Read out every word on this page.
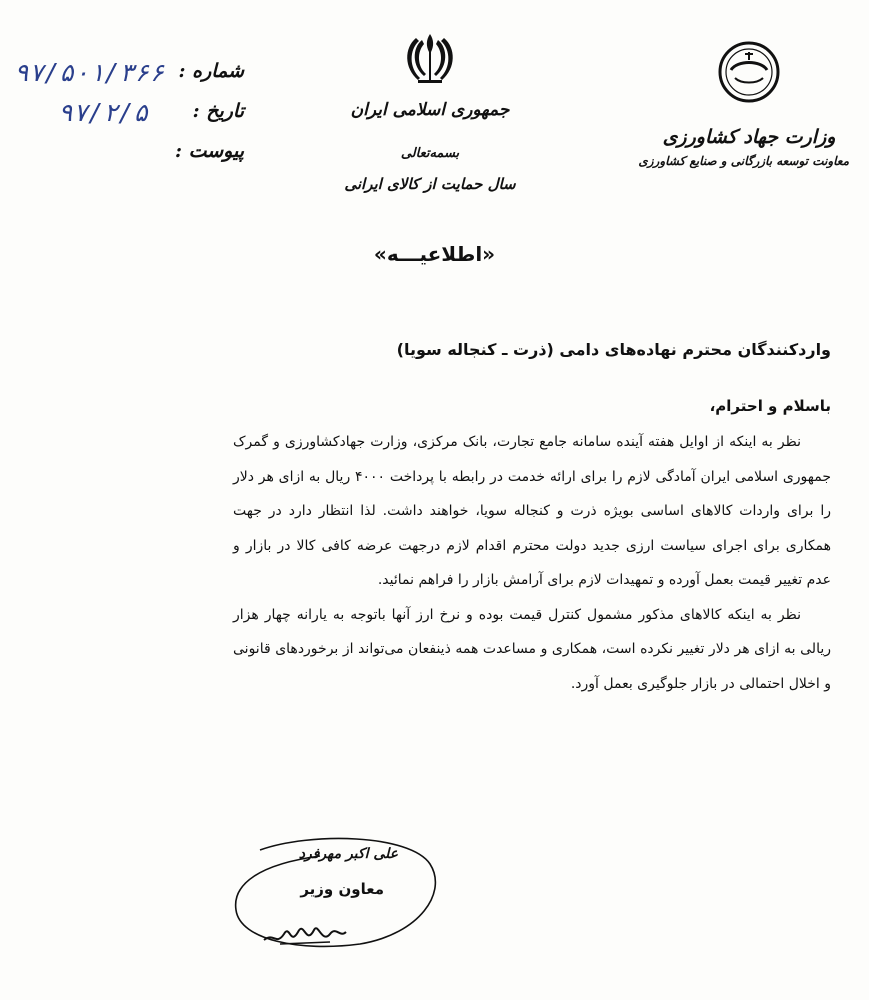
شماره :
۹۷/۵۰۱/۳۶۶
تاریخ :
۹۷/۲/۵
پیوست :
جمهوری اسلامی ایران
بسمه‌تعالی
سال حمایت از کالای ایرانی
وزارت جهاد کشاورزی
معاونت توسعه بازرگانی و صنایع کشاورزی
«اطلاعیـــه»

واردکنندگان محترم نهاده‌های دامی (ذرت ـ کنجاله سویا)

باسلام و احترام،

نظر به اینکه از اوایل هفته آینده سامانه جامع تجارت، بانک مرکزی، وزارت جهادکشاورزی و گمرک جمهوری اسلامی ایران آمادگی لازم را برای ارائه خدمت در رابطه با پرداخت ۴۰۰۰ ریال به ازای هر دلار را برای واردات کالاهای اساسی بویژه ذرت و کنجاله سویا، خواهند داشت. لذا انتظار دارد در جهت همکاری برای اجرای سیاست ارزی جدید دولت محترم اقدام لازم درجهت عرضه کافی کالا در بازار و عدم تغییر قیمت بعمل آورده و تمهیدات لازم برای آرامش بازار را فراهم نمائید.

نظر به اینکه کالاهای مذکور مشمول کنترل قیمت بوده و نرخ ارز آنها باتوجه به یارانه چهار هزار ریالی به ازای هر دلار تغییر نکرده است، همکاری و مساعدت همه ذینفعان می‌تواند از برخوردهای قانونی و اخلال احتمالی در بازار جلوگیری بعمل آورد.

علی اکبر مهرفرد
معاون وزیر
